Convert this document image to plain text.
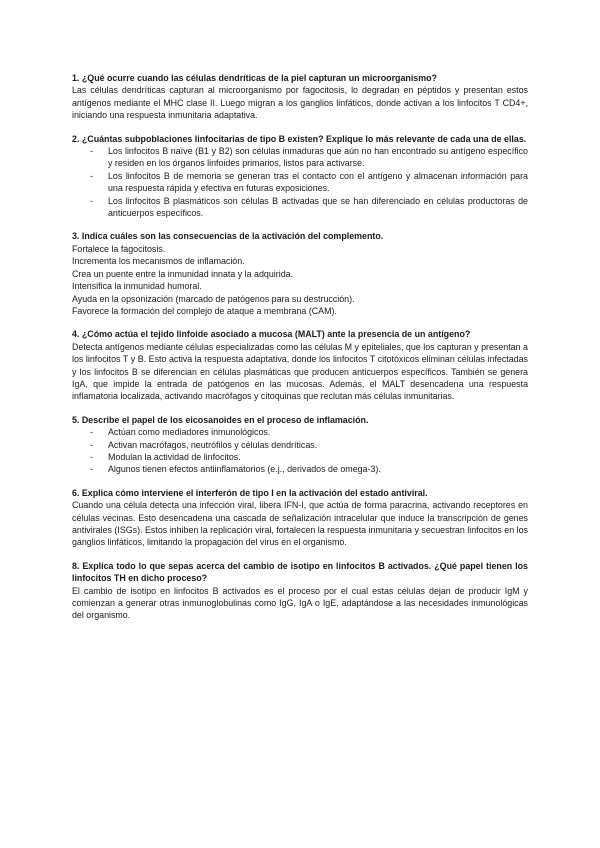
1. ¿Qué ocurre cuando las células dendríticas de la piel capturan un microorganismo?

Las células dendríticas capturan al microorganismo por fagocitosis, lo degradan en péptidos y presentan estos antígenos mediante el MHC clase II. Luego migran a los ganglios linfáticos, donde activan a los linfocitos T CD4+, iniciando una respuesta inmunitaria adaptativa.

2. ¿Cuántas subpoblaciones linfocitarias de tipo B existen? Explique lo más relevante de cada una de ellas.

- Los linfocitos B naïve (B1 y B2) son células inmaduras que aún no han encontrado su antígeno específico y residen en los órganos linfoides primarios, listos para activarse.
- Los linfocitos B de memoria se generan tras el contacto con el antígeno y almacenan información para una respuesta rápida y efectiva en futuras exposiciones.
- Los linfocitos B plasmáticos son células B activadas que se han diferenciado en células productoras de anticuerpos específicos.

3. Indica cuáles son las consecuencias de la activación del complemento.

Fortalece la fagocitosis.

Incrementa los mecanismos de inflamación.

Crea un puente entre la inmunidad innata y la adquirida.

Intensifica la inmunidad humoral.

Ayuda en la opsonización (marcado de patógenos para su destrucción).

Favorece la formación del complejo de ataque a membrana (CAM).

4. ¿Cómo actúa el tejido linfoide asociado a mucosa (MALT) ante la presencia de un antígeno?

Detecta antígenos mediante células especializadas como las células M y epiteliales, que los capturan y presentan a los linfocitos T y B. Esto activa la respuesta adaptativa, donde los linfocitos T citotóxicos eliminan células infectadas y los linfocitos B se diferencian en células plasmáticas que producen anticuerpos específicos. También se genera IgA, que impide la entrada de patógenos en las mucosas. Además, el MALT desencadena una respuesta inflamatoria localizada, activando macrófagos y citoquinas que reclutan más células inmunitarias.

5. Describe el papel de los eicosanoides en el proceso de inflamación.

- Actúan como mediadores inmunológicos.
- Activan macrófagos, neutrófilos y células dendríticas.
- Modulan la actividad de linfocitos.
- Algunos tienen efectos antiinflamatorios (e.j., derivados de omega-3).

6. Explica cómo interviene el interferón de tipo I en la activación del estado antiviral.

Cuando una célula detecta una infección viral, libera IFN-I, que actúa de forma paracrina, activando receptores en células vecinas. Esto desencadena una cascada de señalización intracelular que induce la transcripción de genes antivirales (ISGs). Estos inhiben la replicación viral, fortalecen la respuesta inmunitaria y secuestran linfocitos en los ganglios linfáticos, limitando la propagación del virus en el organismo.

8. Explica todo lo que sepas acerca del cambio de isotipo en linfocitos B activados. ¿Qué papel tienen los linfocitos TH en dicho proceso?

El cambio de isotipo en linfocitos B activados es el proceso por el cual estas células dejan de producir IgM y comienzan a generar otras inmunoglobulinas como IgG, IgA o IgE, adaptándose a las necesidades inmunológicas del organismo.
